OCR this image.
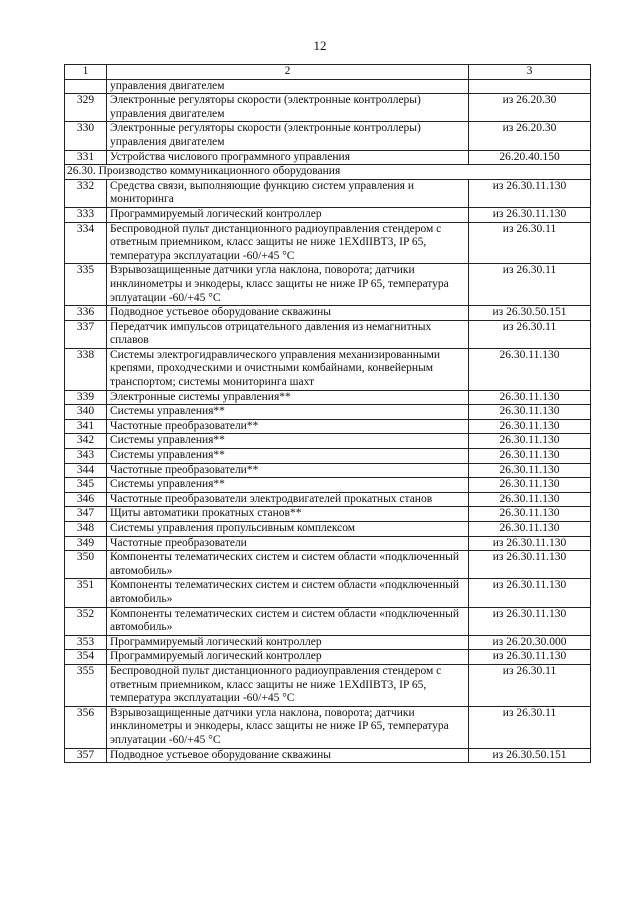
12
1	2	3
	управления двигателем	
329	Электронные регуляторы скорости (электронные контроллеры) управления двигателем	из 26.20.30
330	Электронные регуляторы скорости (электронные контроллеры) управления двигателем	из 26.20.30
331	Устройства числового программного управления	26.20.40.150
26.30. Производство коммуникационного оборудования		
332	Средства связи, выполняющие функцию систем управления и мониторинга	из 26.30.11.130
333	Программируемый логический контроллер	из 26.30.11.130
334	Беспроводной пульт дистанционного радиоуправления стендером с ответным приемником, класс защиты не ниже 1EXdIIBT3, IP 65, температура эксплуатации -60/+45 °C	из 26.30.11
335	Взрывозащищенные датчики угла наклона, поворота; датчики инклинометры и энкодеры, класс защиты не ниже IP 65, температура эплуатации -60/+45 °C	из 26.30.11
336	Подводное устьевое оборудование скважины	из 26.30.50.151
337	Передатчик импульсов отрицательного давления из немагнитных сплавов	из 26.30.11
338	Системы электрогидравлического управления механизированными крепями, проходческими и очистными комбайнами, конвейерным транспортом; системы мониторинга шахт	26.30.11.130
339	Электронные системы управления**	26.30.11.130
340	Системы управления**	26.30.11.130
341	Частотные преобразователи**	26.30.11.130
342	Системы управления**	26.30.11.130
343	Системы управления**	26.30.11.130
344	Частотные преобразователи**	26.30.11.130
345	Системы управления**	26.30.11.130
346	Частотные преобразователи электродвигателей прокатных станов	26.30.11.130
347	Щиты автоматики прокатных станов**	26.30.11.130
348	Системы управления пропульсивным комплексом	26.30.11.130
349	Частотные преобразователи	из 26.30.11.130
350	Компоненты телематических систем и систем области «подключенный автомобиль»	из 26.30.11.130
351	Компоненты телематических систем и систем области «подключенный автомобиль»	из 26.30.11.130
352	Компоненты телематических систем и систем области «подключенный автомобиль»	из 26.30.11.130
353	Программируемый логический контроллер	из 26.20.30.000
354	Программируемый логический контроллер	из 26.30.11.130
355	Беспроводной пульт дистанционного радиоуправления стендером с ответным приемником, класс защиты не ниже 1EXdIIBT3, IP 65, температура эксплуатации -60/+45 °C	из 26.30.11
356	Взрывозащищенные датчики угла наклона, поворота; датчики инклинометры и энкодеры, класс защиты не ниже IP 65, температура эплуатации -60/+45 °C	из 26.30.11
357	Подводное устьевое оборудование скважины	из 26.30.50.151
